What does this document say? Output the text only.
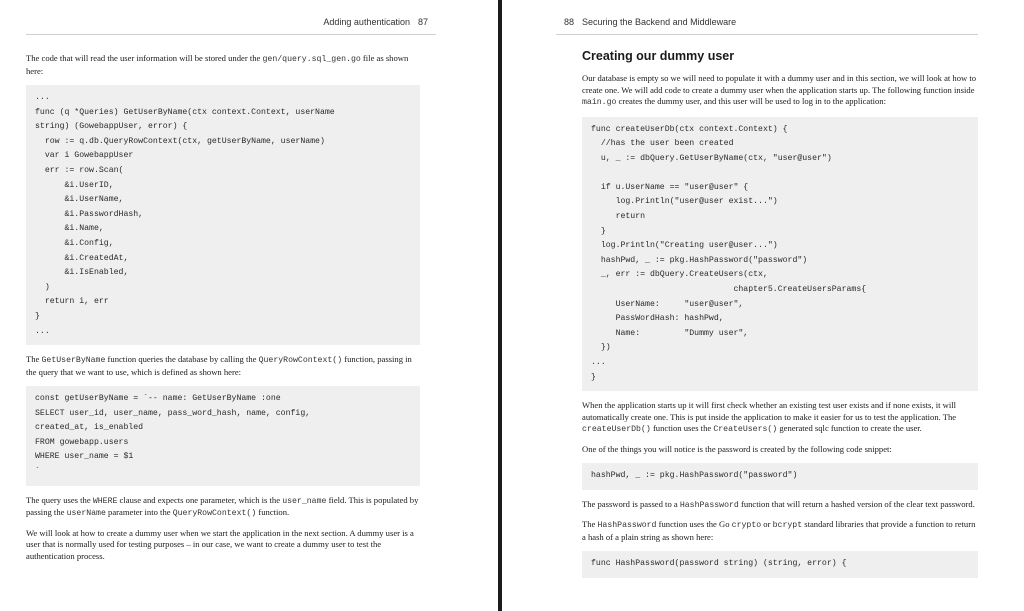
Adding authentication 87

The code that will read the user information will be stored under the gen/query.sql_gen.go file as shown here:

...
func (q *Queries) GetUserByName(ctx context.Context, userName
string) (GowebappUser, error) {
row := q.db.QueryRowContext(ctx, getUserByName, userName)
var i GowebappUser
err := row.Scan(
&i.UserID,
&i.UserName,
&i.PasswordHash,
&i.Name,
&i.Config,
&i.CreatedAt,
&i.IsEnabled,
)
return i, err
}
...

The GetUserByName function queries the database by calling the QueryRowContext() function, passing in the query that we want to use, which is defined as shown here:

const getUserByName = `-- name: GetUserByName :one
SELECT user_id, user_name, pass_word_hash, name, config,
created_at, is_enabled
FROM gowebapp.users
WHERE user_name = $1
`

The query uses the WHERE clause and expects one parameter, which is the user_name field. This is populated by passing the userName parameter into the QueryRowContext() function.

We will look at how to create a dummy user when we start the application in the next section. A dummy user is a user that is normally used for testing purposes – in our case, we want to create a dummy user to test the authentication process.

88 Securing the Backend and Middleware
Creating our dummy user

Our database is empty so we will need to populate it with a dummy user and in this section, we will look at how to create one. We will add code to create a dummy user when the application starts up. The following function inside main.go creates the dummy user, and this user will be used to log in to the application:

func createUserDb(ctx context.Context) {
//has the user been created
u, _ := dbQuery.GetUserByName(ctx, "user@user")

if u.UserName == "user@user" {
log.Println("user@user exist...")
return
}
log.Println("Creating user@user...")
hashPwd, _ := pkg.HashPassword("password")
_, err := dbQuery.CreateUsers(ctx,
chapter5.CreateUsersParams{
UserName:     "user@user",
PassWordHash: hashPwd,
Name:         "Dummy user",
})
...
}

When the application starts up it will first check whether an existing test user exists and if none exists, it will automatically create one. This is put inside the application to make it easier for us to test the application. The createUserDb() function uses the CreateUsers() generated sqlc function to create the user.

One of the things you will notice is the password is created by the following code snippet:

hashPwd, _ := pkg.HashPassword("password")

The password is passed to a HashPassword function that will return a hashed version of the clear text password.

The HashPassword function uses the Go crypto or bcrypt standard libraries that provide a function to return a hash of a plain string as shown here:

func HashPassword(password string) (string, error) {
